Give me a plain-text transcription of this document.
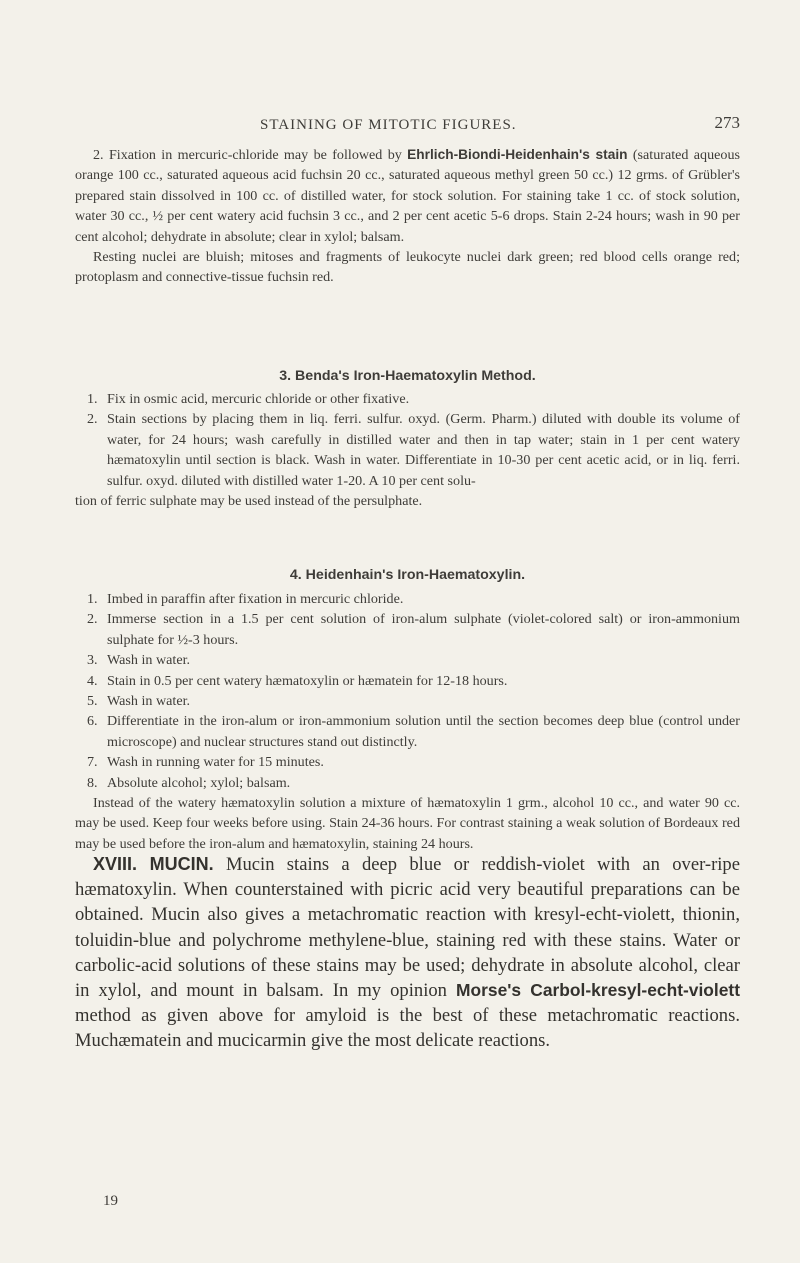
STAINING OF MITOTIC FIGURES.	273

2. Fixation in mercuric-chloride may be followed by Ehrlich-Biondi-Heidenhain's stain (saturated aqueous orange 100 cc., saturated aqueous acid fuchsin 20 cc., saturated aqueous methyl green 50 cc.) 12 grms. of Grübler's prepared stain dissolved in 100 cc. of distilled water, for stock solution. For staining take 1 cc. of stock solution, water 30 cc., ½ per cent watery acid fuchsin 3 cc., and 2 per cent acetic 5-6 drops. Stain 2-24 hours; wash in 90 per cent alcohol; dehydrate in absolute; clear in xylol; balsam.

Resting nuclei are bluish; mitoses and fragments of leukocyte nuclei dark green; red blood cells orange red; protoplasm and connective-tissue fuchsin red.

3. Benda's Iron-Haematoxylin Method.

1. Fix in osmic acid, mercuric chloride or other fixative.

2. Stain sections by placing them in liq. ferri. sulfur. oxyd. (Germ. Pharm.) diluted with double its volume of water, for 24 hours; wash carefully in distilled water and then in tap water; stain in 1 per cent watery hæmatoxylin until section is black. Wash in water. Differentiate in 10-30 per cent acetic acid, or in liq. ferri. sulfur. oxyd. diluted with distilled water 1-20. A 10 per cent solu-

tion of ferric sulphate may be used instead of the persulphate.

4. Heidenhain's Iron-Haematoxylin.

1. Imbed in paraffin after fixation in mercuric chloride.

2. Immerse section in a 1.5 per cent solution of iron-alum sulphate (violet-colored salt) or iron-ammonium sulphate for ½-3 hours.

3. Wash in water.

4. Stain in 0.5 per cent watery hæmatoxylin or hæmatein for 12-18 hours.

5. Wash in water.

6. Differentiate in the iron-alum or iron-ammonium solution until the section becomes deep blue (control under microscope) and nuclear structures stand out distinctly.

7. Wash in running water for 15 minutes.

8. Absolute alcohol; xylol; balsam.

Instead of the watery hæmatoxylin solution a mixture of hæmatoxylin 1 grm., alcohol 10 cc., and water 90 cc. may be used. Keep four weeks before using. Stain 24-36 hours. For contrast staining a weak solution of Bordeaux red may be used before the iron-alum and hæmatoxylin, staining 24 hours.

XVIII. MUCIN. Mucin stains a deep blue or reddish-violet with an over-ripe hæmatoxylin. When counterstained with picric acid very beautiful preparations can be obtained. Mucin also gives a metachromatic reaction with kresyl-echt-violett, thionin, toluidin-blue and polychrome methylene-blue, staining red with these stains. Water or carbolic-acid solutions of these stains may be used; dehydrate in absolute alcohol, clear in xylol, and mount in balsam. In my opinion Morse's Carbol-kresyl-echt-violett method as given above for amyloid is the best of these metachromatic reactions. Muchæmatein and mucicarmin give the most delicate reactions.

19
